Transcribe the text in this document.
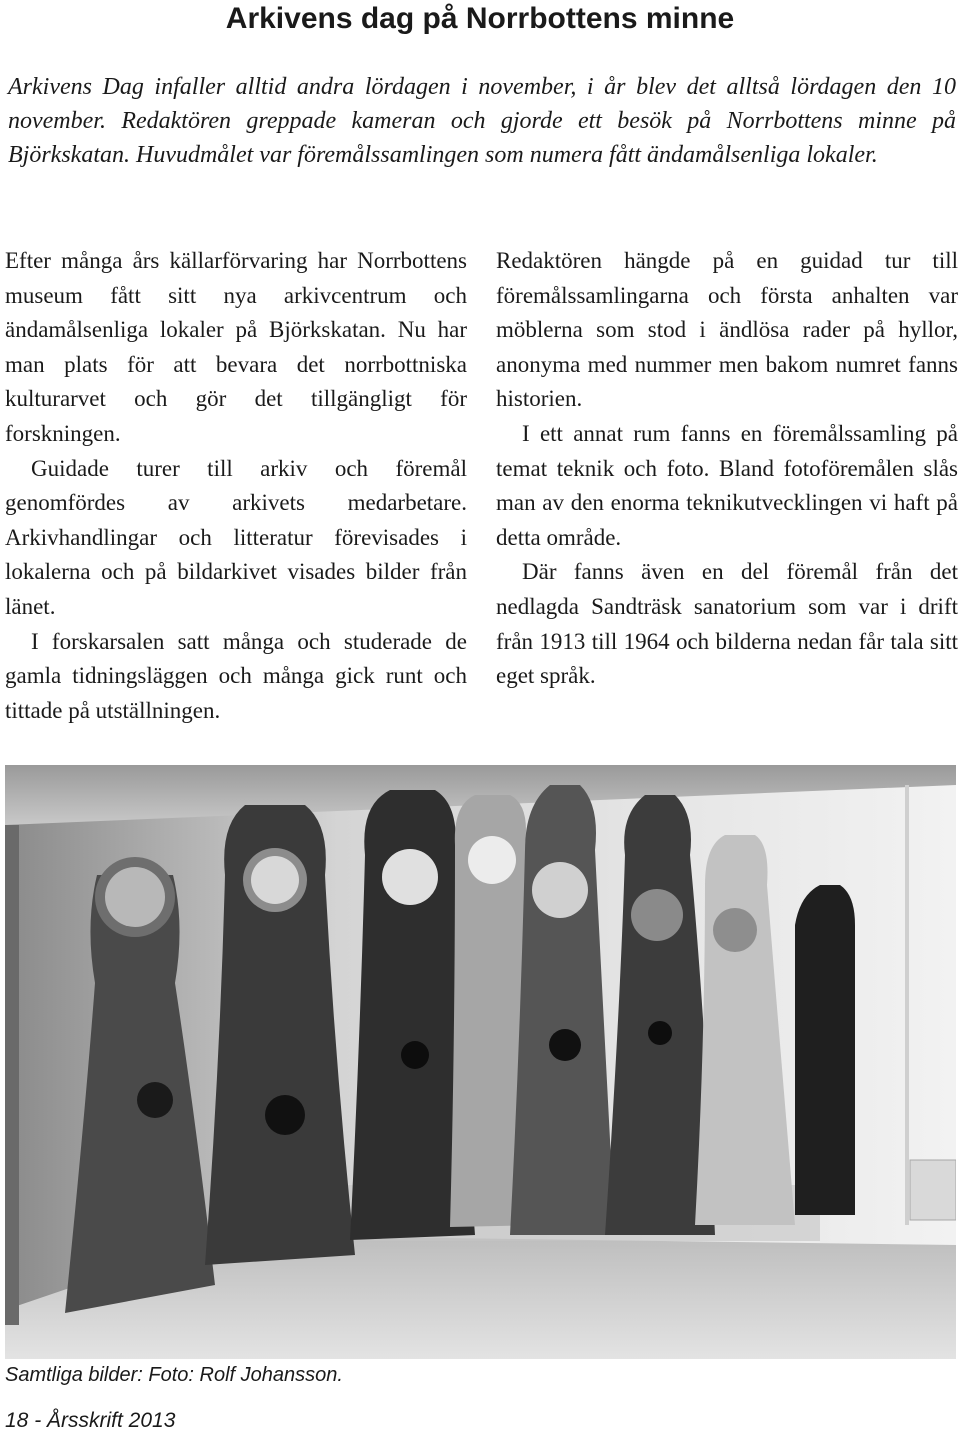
Arkivens dag på Norrbottens minne

Arkivens Dag infaller alltid andra lördagen i november, i år blev det alltså lördagen den 10 november. Redaktören greppade kameran och gjorde ett besök på Norrbottens minne på Björkskatan. Huvudmålet var föremålssamlingen som numera fått ändamålsenliga lokaler.

Efter många års källarförvaring har Norrbottens museum fått sitt nya arkivcentrum och ändamålsenliga lokaler på Björkskatan. Nu har man plats för att bevara det norrbottniska kulturarvet och gör det tillgängligt för forskningen.

Guidade turer till arkiv och föremål genomfördes av arkivets medarbetare. Arkivhandlingar och litteratur förevisades i lokalerna och på bildarkivet visades bilder från länet.

I forskarsalen satt många och studerade de gamla tidningsläggen och många gick runt och tittade på utställningen.

Redaktören hängde på en guidad tur till föremålssamlingarna och första anhalten var möblerna som stod i ändlösa rader på hyllor, anonyma med nummer men bakom numret fanns historien.

I ett annat rum fanns en föremålssamling på temat teknik och foto. Bland fotoföremålen slås man av den enorma teknikutvecklingen vi haft på detta område.

Där fanns även en del föremål från det nedlagda Sandträsk sanatorium som var i drift från 1913 till 1964 och bilderna nedan får tala sitt eget språk.

Samtliga bilder: Foto: Rolf Johansson.

18 - Årsskrift 2013
